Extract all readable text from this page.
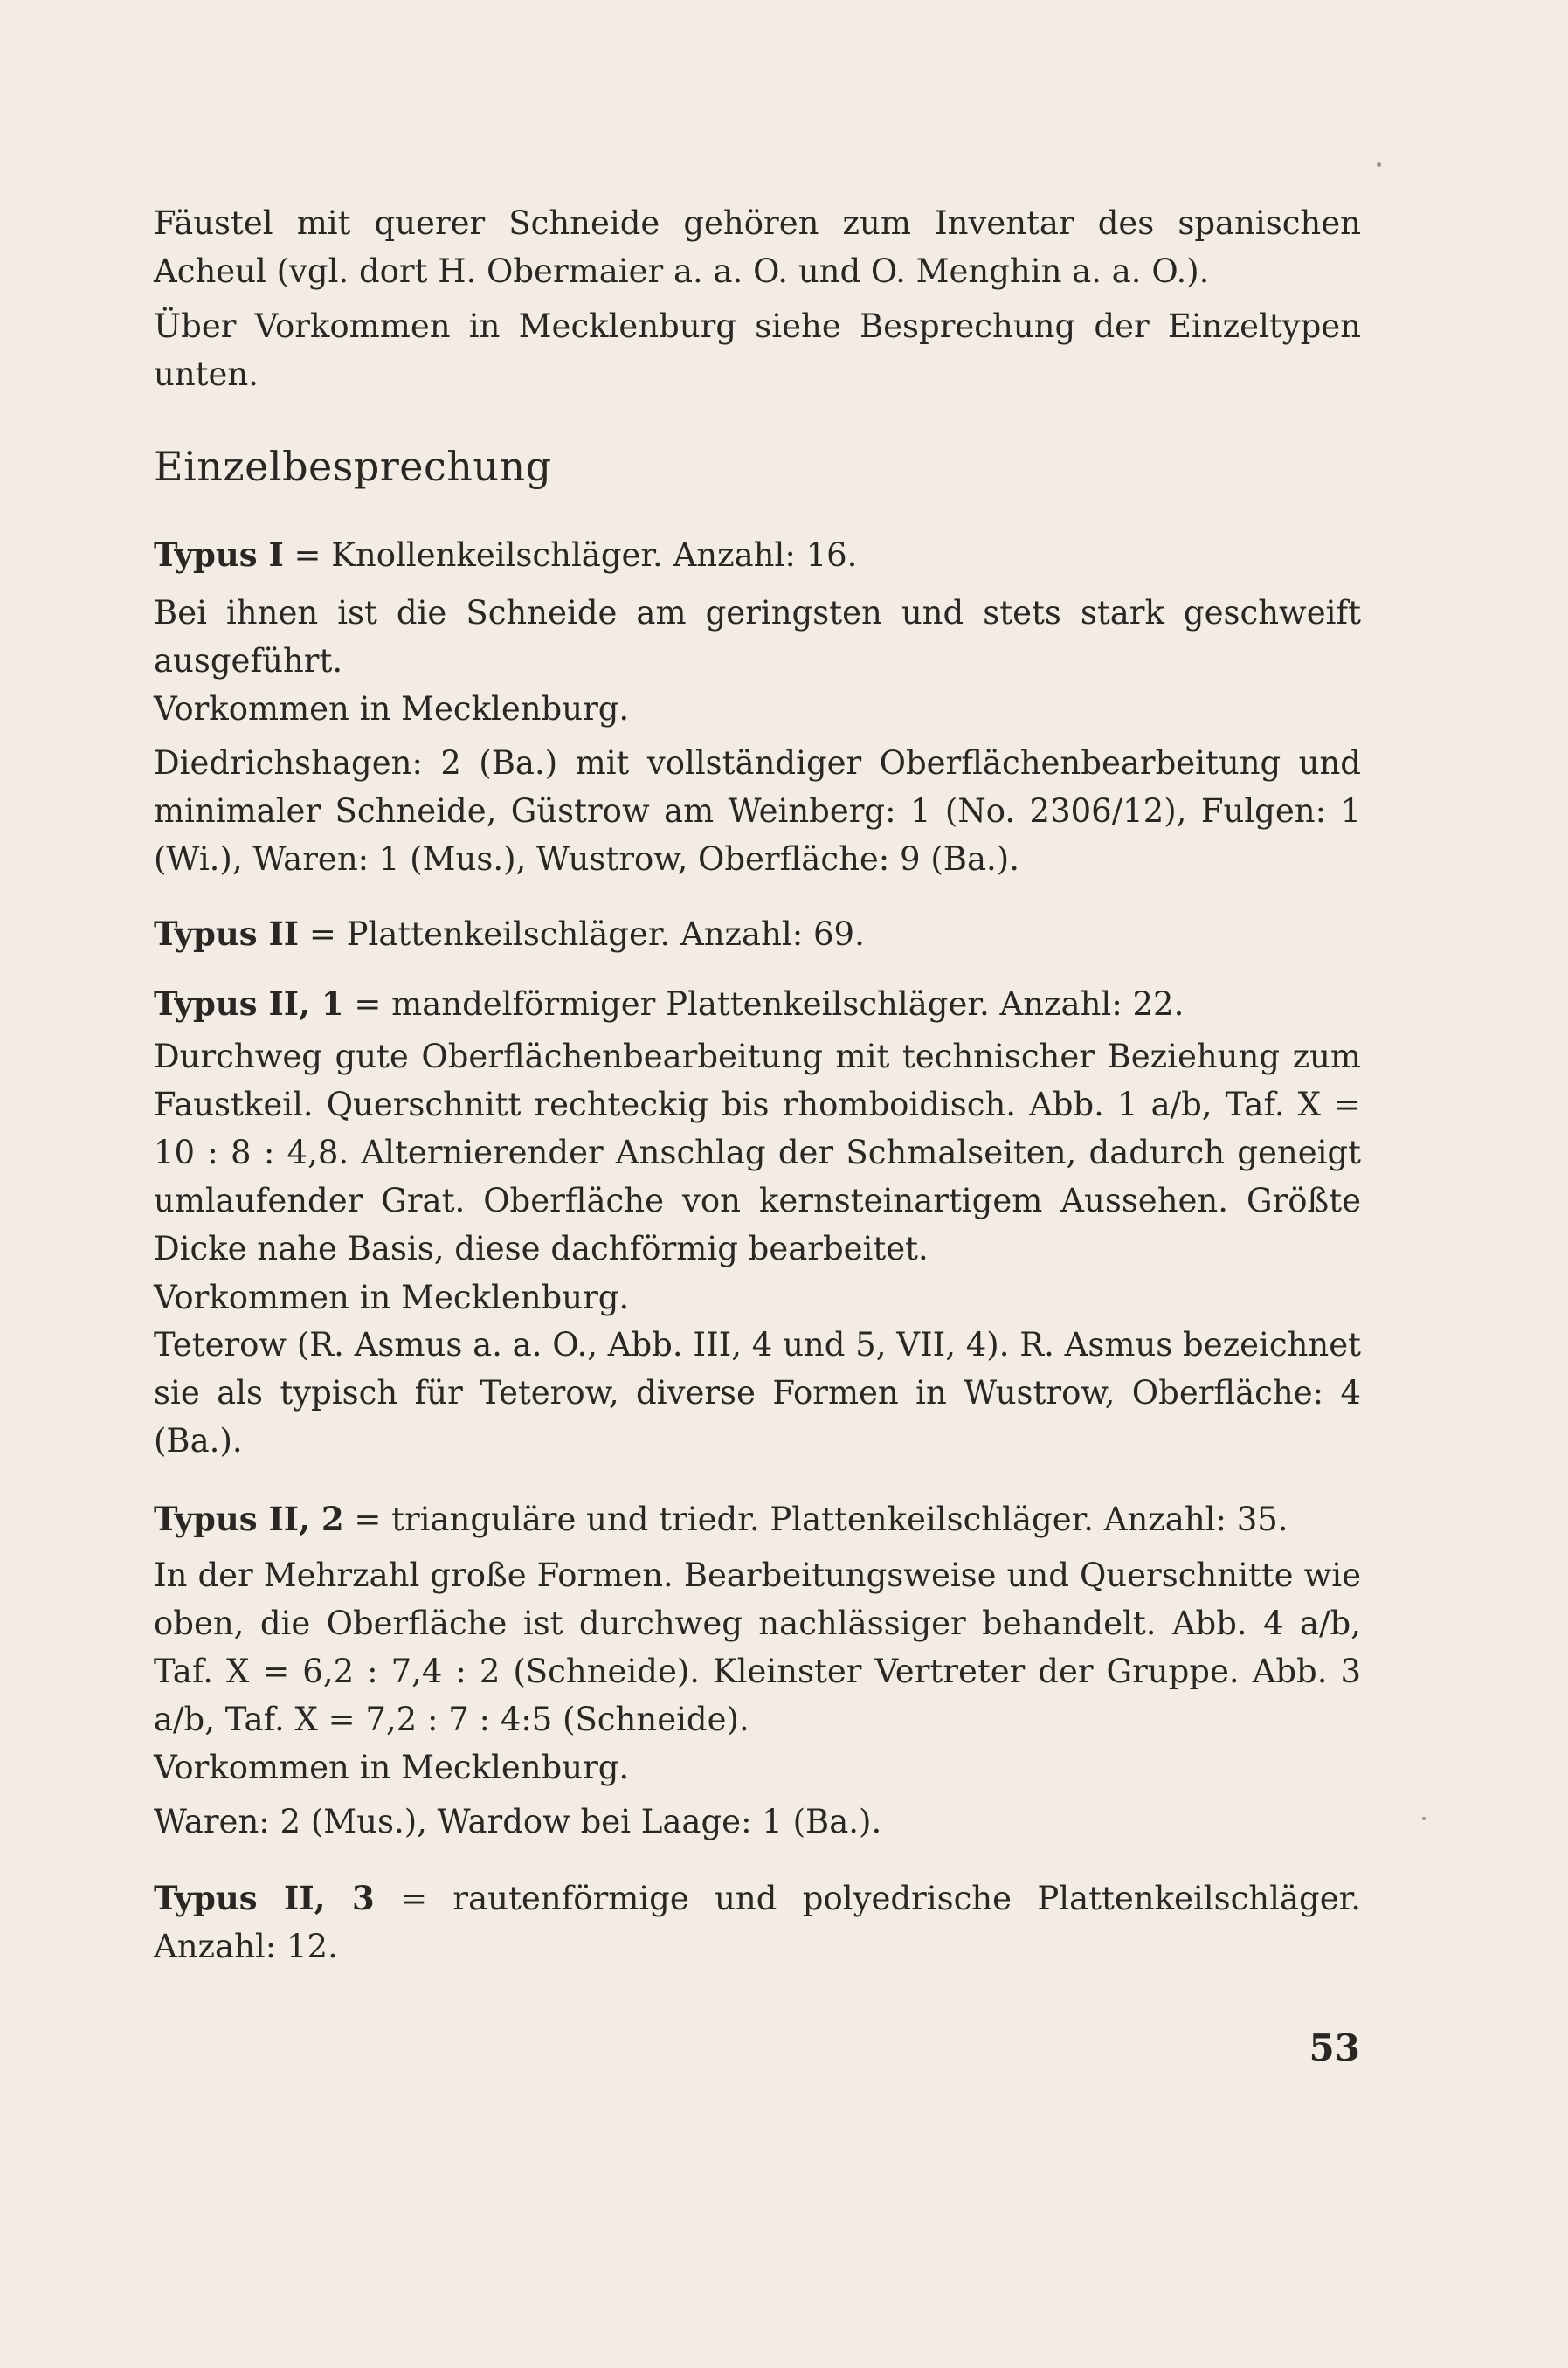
Fäustel mit querer Schneide gehören zum Inventar des spanischen Acheul (vgl. dort H. Obermaier a. a. O. und O. Menghin a. a. O.).

Über Vorkommen in Mecklenburg siehe Besprechung der Einzeltypen unten.

Einzelbesprechung

Typus I = Knollenkeilschläger. Anzahl: 16.

Bei ihnen ist die Schneide am geringsten und stets stark geschweift ausgeführt.

Vorkommen in Mecklenburg.

Diedrichshagen: 2 (Ba.) mit vollständiger Oberflächenbearbeitung und minimaler Schneide, Güstrow am Weinberg: 1 (No. 2306/12), Fulgen: 1 (Wi.), Waren: 1 (Mus.), Wustrow, Oberfläche: 9 (Ba.).

Typus II = Plattenkeilschläger. Anzahl: 69.

Typus II, 1 = mandelförmiger Plattenkeilschläger. Anzahl: 22.

Durchweg gute Oberflächenbearbeitung mit technischer Beziehung zum Faustkeil. Querschnitt rechteckig bis rhomboidisch. Abb. 1 a/b, Taf. X = 10 : 8 : 4,8. Alternierender Anschlag der Schmalseiten, dadurch geneigt umlaufender Grat. Oberfläche von kernsteinartigem Aussehen. Größte Dicke nahe Basis, diese dachförmig bearbeitet.

Vorkommen in Mecklenburg.

Teterow (R. Asmus a. a. O., Abb. III, 4 und 5, VII, 4). R. Asmus bezeichnet sie als typisch für Teterow, diverse Formen in Wustrow, Oberfläche: 4 (Ba.).

Typus II, 2 = trianguläre und triedr. Plattenkeilschläger. Anzahl: 35.

In der Mehrzahl große Formen. Bearbeitungsweise und Querschnitte wie oben, die Oberfläche ist durchweg nachlässiger behandelt. Abb. 4 a/b, Taf. X = 6,2 : 7,4 : 2 (Schneide). Kleinster Vertreter der Gruppe. Abb. 3 a/b, Taf. X = 7,2 : 7 : 4:5 (Schneide).

Vorkommen in Mecklenburg.

Waren: 2 (Mus.), Wardow bei Laage: 1 (Ba.).

Typus II, 3 = rautenförmige und polyedrische Plattenkeilschläger. Anzahl: 12.

53
